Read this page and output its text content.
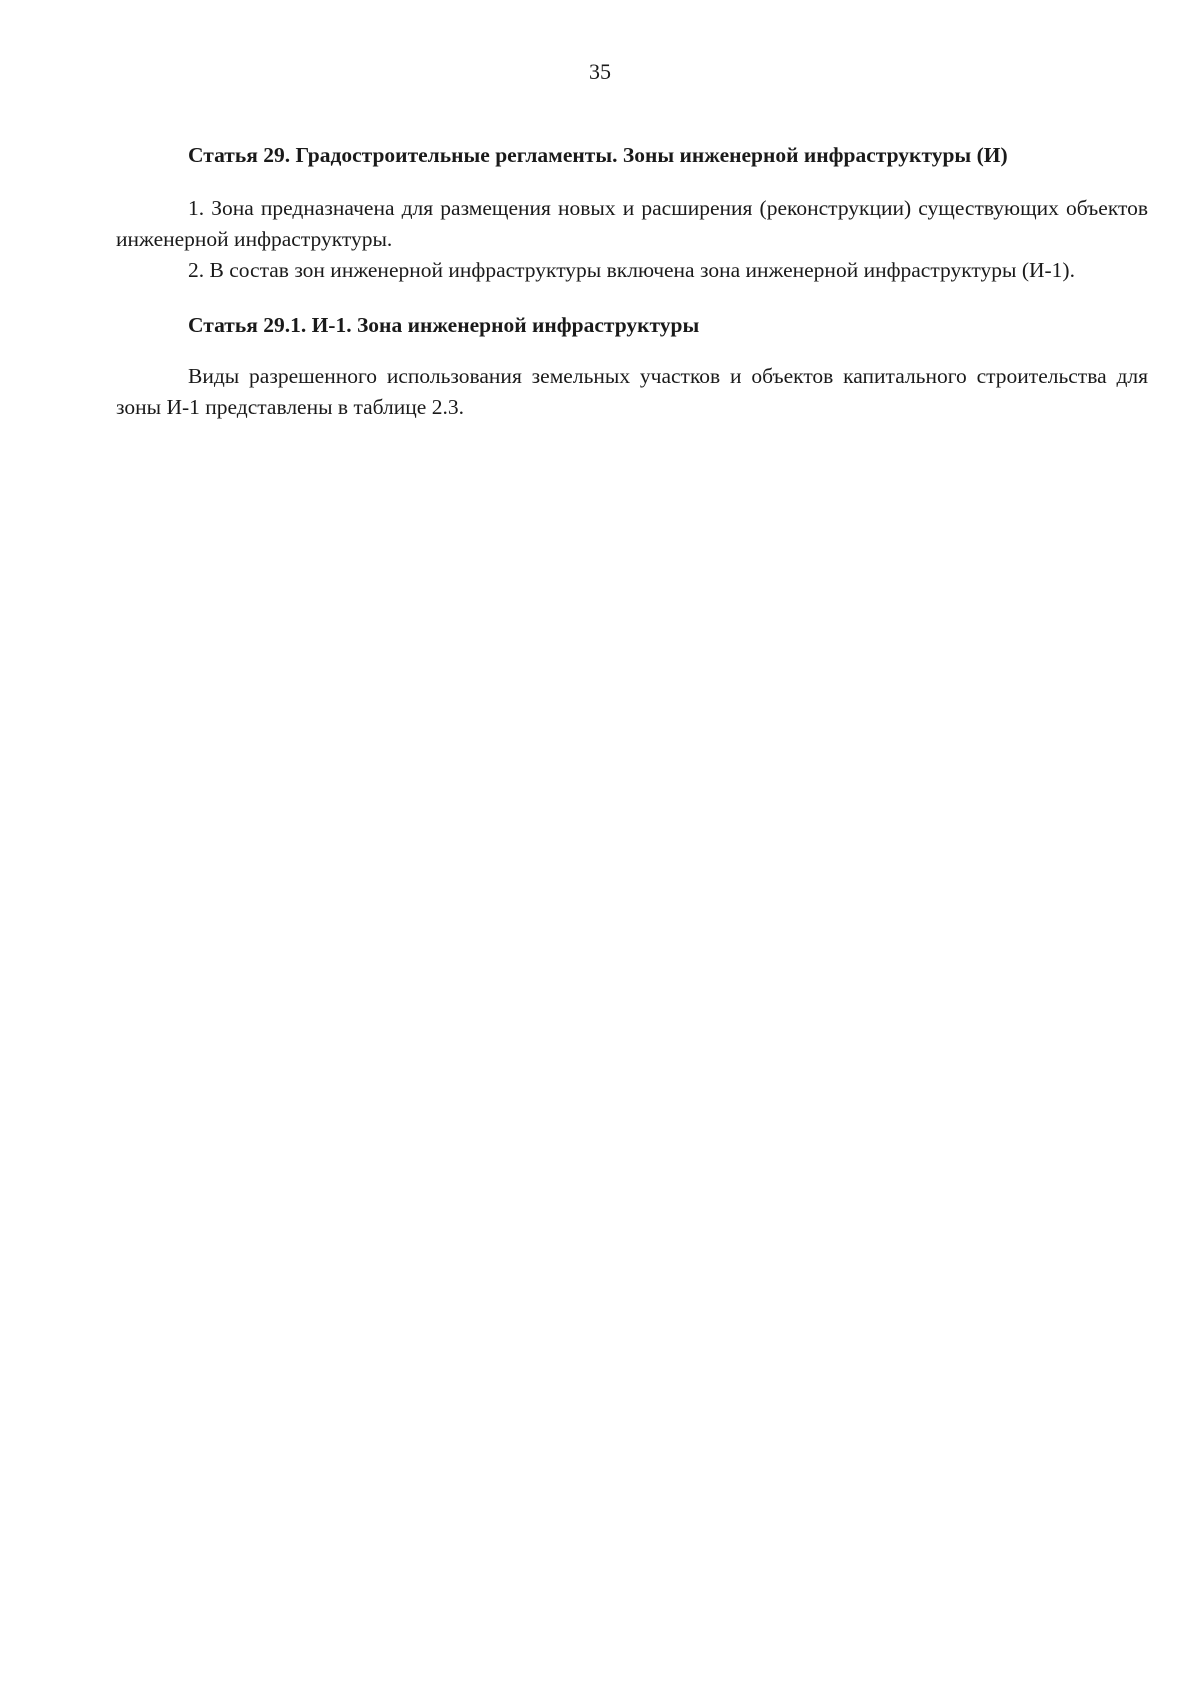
35
Статья 29. Градостроительные регламенты. Зоны инженерной инфраструктуры (И)

1. Зона предназначена для размещения новых и расширения (реконструкции) существующих объектов инженерной инфраструктуры.

2. В состав зон инженерной инфраструктуры включена зона инженерной инфраструктуры (И-1).

Статья 29.1. И-1. Зона инженерной инфраструктуры

Виды разрешенного использования земельных участков и объектов капитального строительства для зоны И-1 представлены в таблице 2.3.
